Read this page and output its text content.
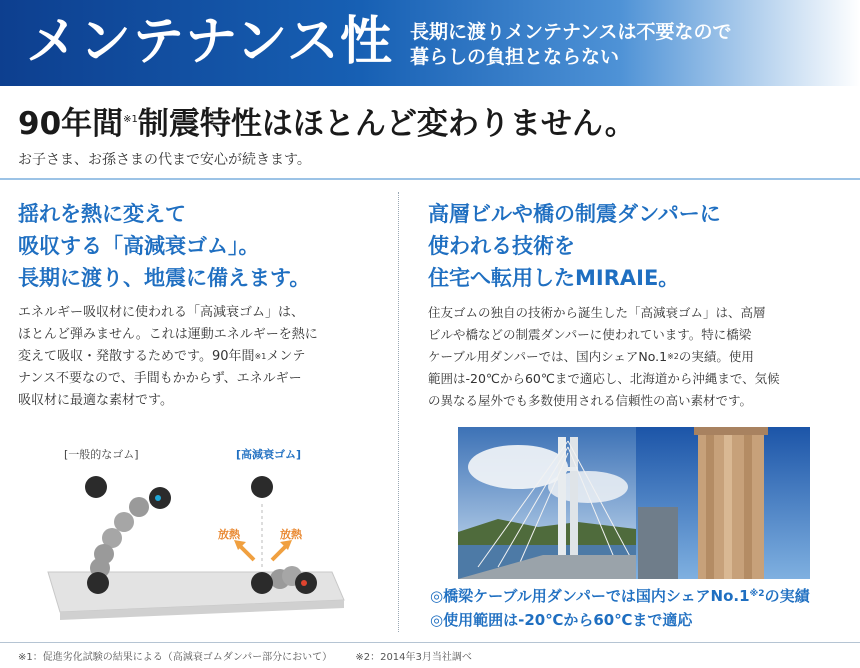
メンテナンス性 長期に渡りメンテナンスは不要なので
暮らしの負担とならない
90年間$^{※1}$制震特性はほとんど変わりません。
お子さま、お孫さまの代まで安心が続きます。
揺れを熱に変えて
吸収する「高減衰ゴム」。
長期に渡り、地震に備えます。
エネルギー吸収材に使われる「高減衰ゴム」は、
ほとんど弾みません。これは運動エネルギーを熱に
変えて吸収・発散するためです。90年間$^{※1}$メンテ
ナンス不要なので、手間もかからず、エネルギー
吸収材に最適な素材です。
[一般的なゴム]	[高減衰ゴム]
放熱	放熱
高層ビルや橋の制震ダンパーに
使われる技術を
住宅へ転用したMIRAIE。
住友ゴムの独自の技術から誕生した「高減衰ゴム」は、高層
ビルや橋などの制震ダンパーに使われています。特に橋梁
ケーブル用ダンパーでは、国内シェアNo.1$^{※2}$の実績。使用
範囲は-20℃から60℃まで適応し、北海道から沖縄まで、気候
の異なる屋外でも多数使用される信頼性の高い素材です。
◎橋梁ケーブル用ダンパーでは国内シェアNo.1$^{※2}$の実績
◎使用範囲は-20℃から60℃まで適応
※1：促進劣化試験の結果による（高減衰ゴムダンパー部分において） ※2：2014年3月当社調べ
